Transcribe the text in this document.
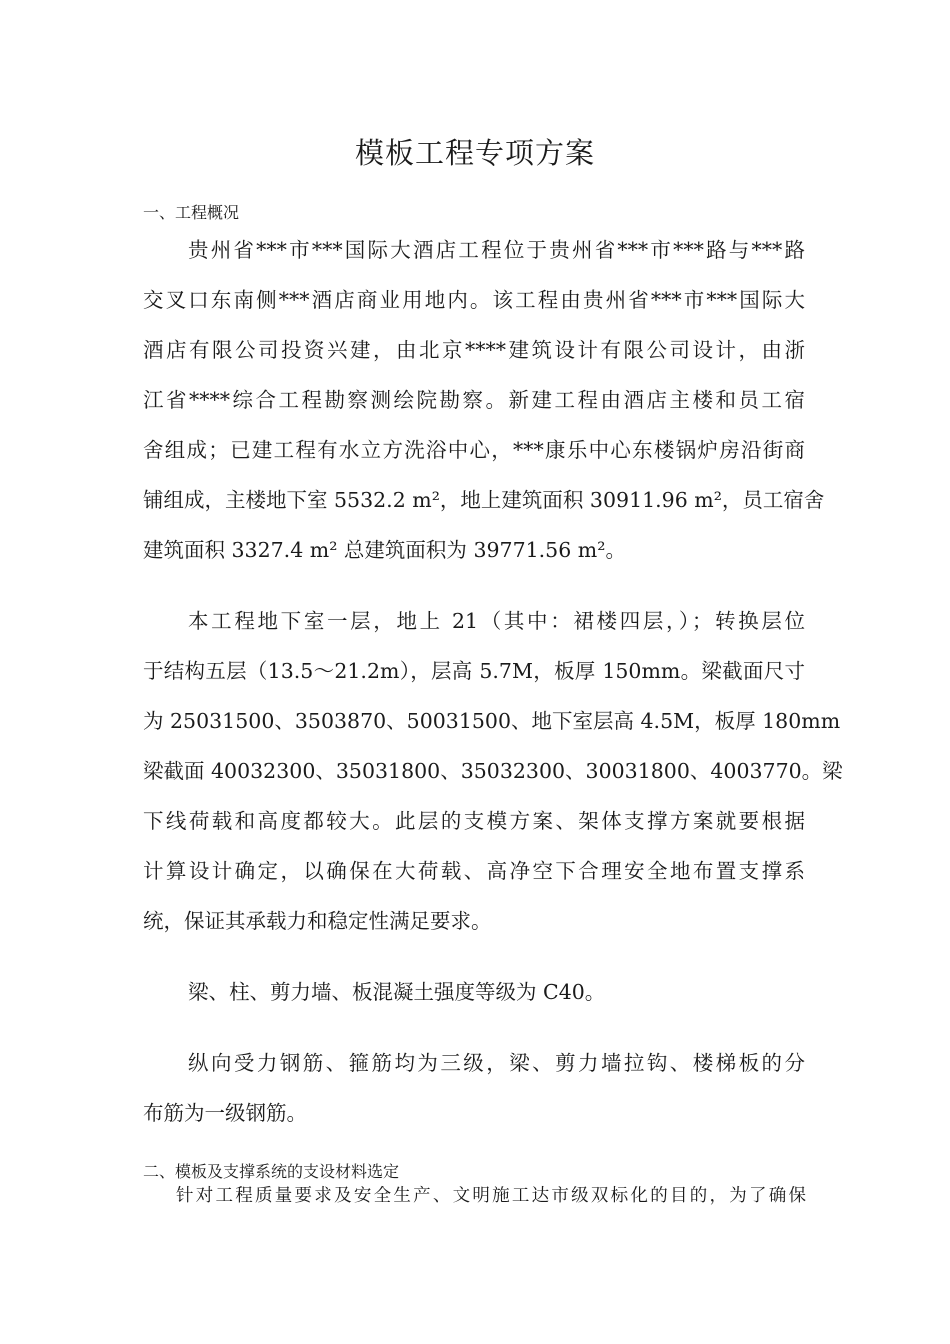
模板工程专项方案
一、工程概况
贵州省***市***国际大酒店工程位于贵州省***市***路与***路
交叉口东南侧***酒店商业用地内。该工程由贵州省***市***国际大
酒店有限公司投资兴建，由北京****建筑设计有限公司设计，由浙
江省****综合工程勘察测绘院勘察。新建工程由酒店主楼和员工宿
舍组成；已建工程有水立方洗浴中心，***康乐中心东楼锅炉房沿街商
铺组成，主楼地下室 5532.2 m²，地上建筑面积 30911.96 m²，员工宿舍
建筑面积 3327.4 m² 总建筑面积为 39771.56 m²。
本工程地下室一层，地上 21（其中：裙楼四层，）；转换层位
于结构五层（13.5～21.2m），层高 5.7M，板厚 150mm。梁截面尺寸
为 25031500、3503870、50031500、地下室层高 4.5M，板厚 180mm
梁截面 40032300、35031800、35032300、30031800、4003770。梁
下线荷载和高度都较大。此层的支模方案、架体支撑方案就要根据
计算设计确定，以确保在大荷载、高净空下合理安全地布置支撑系
统，保证其承载力和稳定性满足要求。
梁、柱、剪力墙、板混凝土强度等级为 C40。
纵向受力钢筋、箍筋均为三级，梁、剪力墙拉钩、楼梯板的分
布筋为一级钢筋。
二、模板及支撑系统的支设材料选定
针对工程质量要求及安全生产、文明施工达市级双标化的目的，为了确保
